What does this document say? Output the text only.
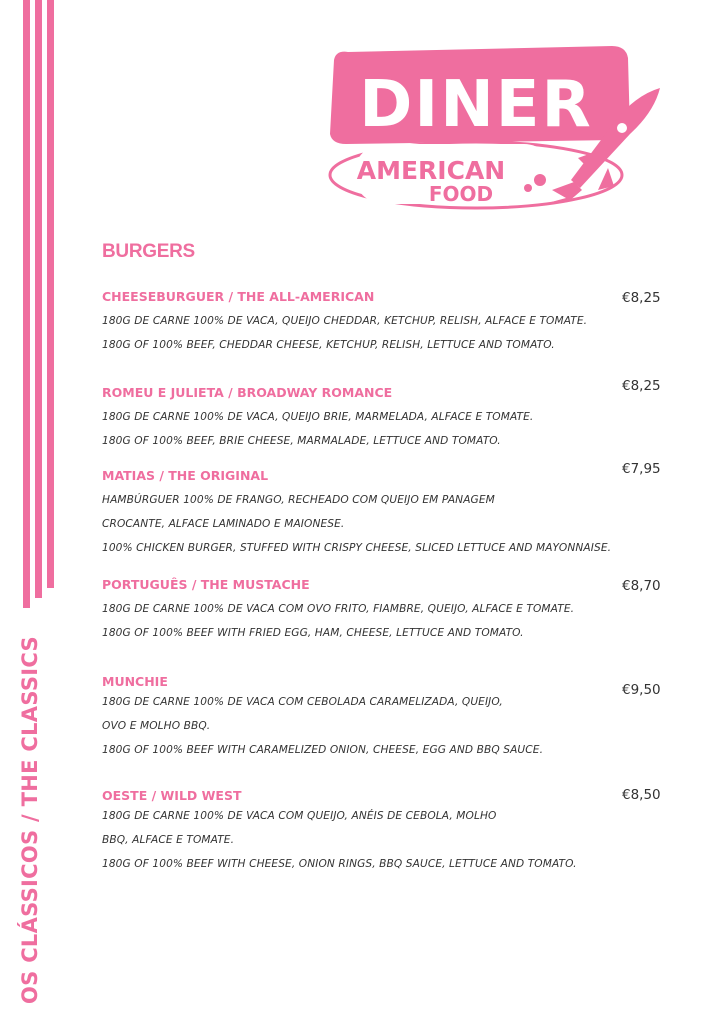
OS CLÁSSICOS / THE CLASSICS
DINER
AMERICAN
FOOD
BURGERS
CHEESEBURGUER / THE ALL-AMERICAN
180G DE CARNE 100% DE VACA, QUEIJO CHEDDAR, KETCHUP, RELISH, ALFACE E TOMATE.
180G OF 100% BEEF, CHEDDAR CHEESE, KETCHUP, RELISH, LETTUCE AND TOMATO.
€8,25
ROMEU E JULIETA / BROADWAY ROMANCE
180G DE CARNE 100% DE VACA, QUEIJO BRIE, MARMELADA, ALFACE E TOMATE.
180G OF 100% BEEF, BRIE CHEESE, MARMALADE, LETTUCE AND TOMATO.
€8,25
MATIAS / THE ORIGINAL
HAMBÚRGUER 100% DE FRANGO, RECHEADO COM QUEIJO EM PANAGEM
CROCANTE, ALFACE LAMINADO E MAIONESE.
100% CHICKEN BURGER, STUFFED WITH CRISPY CHEESE, SLICED LETTUCE AND MAYONNAISE.
€7,95
PORTUGUÊS / THE MUSTACHE
180G DE CARNE 100% DE VACA COM OVO FRITO, FIAMBRE, QUEIJO, ALFACE E TOMATE.
180G OF 100% BEEF WITH FRIED EGG, HAM, CHEESE, LETTUCE AND TOMATO.
€8,70
MUNCHIE
180G DE CARNE 100% DE VACA COM CEBOLADA CARAMELIZADA, QUEIJO,
OVO E MOLHO BBQ.
180G OF 100% BEEF WITH CARAMELIZED ONION, CHEESE, EGG AND BBQ SAUCE.
€9,50
OESTE / WILD WEST
180G DE CARNE 100% DE VACA COM QUEIJO, ANÉIS DE CEBOLA, MOLHO
BBQ, ALFACE E TOMATE.
180G OF 100% BEEF WITH CHEESE, ONION RINGS, BBQ SAUCE, LETTUCE AND TOMATO.
€8,50
